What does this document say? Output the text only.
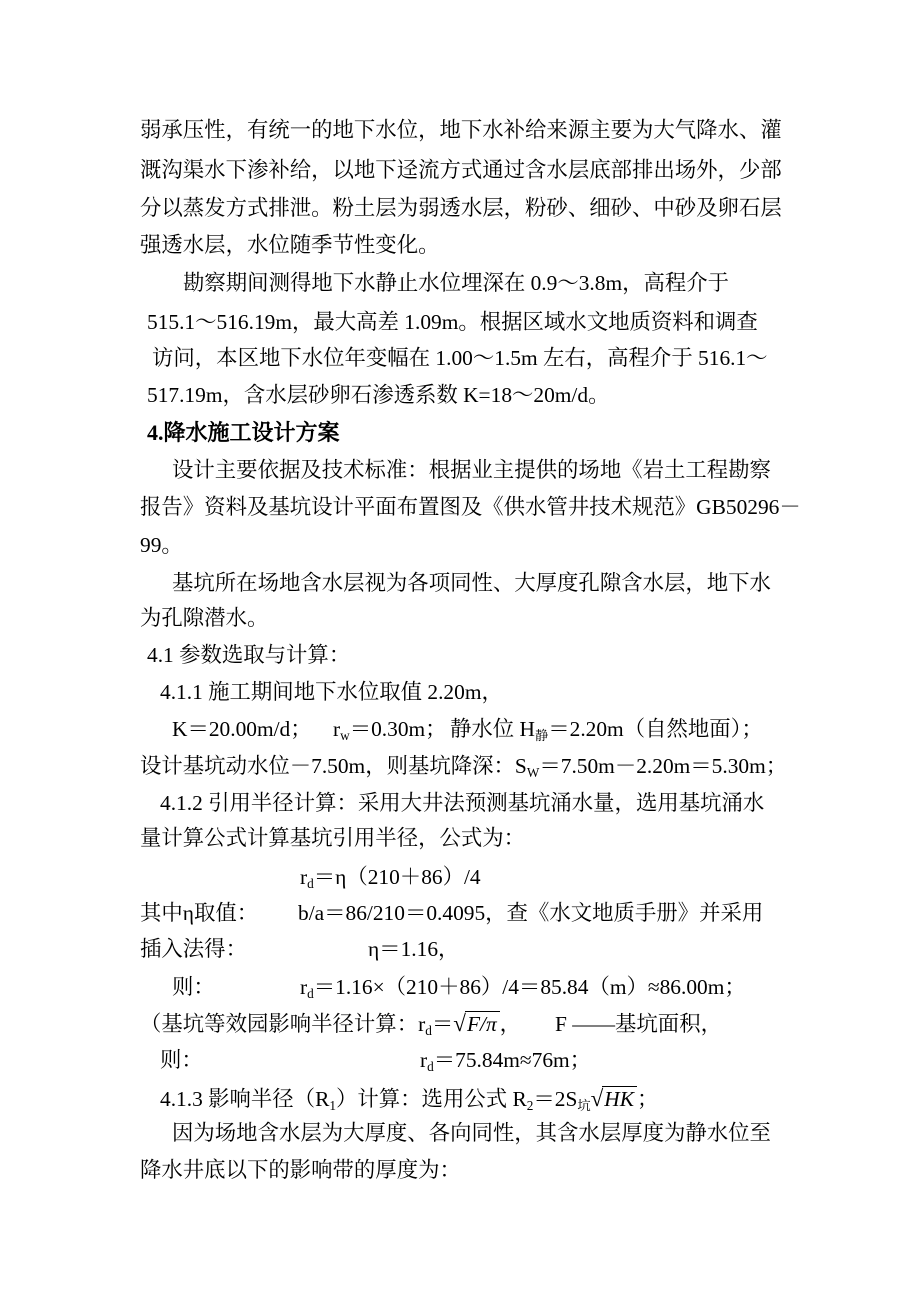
弱承压性，有统一的地下水位，地下水补给来源主要为大气降水、灌
溉沟渠水下渗补给，以地下迳流方式通过含水层底部排出场外，少部
分以蒸发方式排泄。粉土层为弱透水层，粉砂、细砂、中砂及卵石层
强透水层，水位随季节性变化。
勘察期间测得地下水静止水位埋深在 0.9～3.8m，高程介于
515.1～516.19m，最大高差 1.09m。根据区域水文地质资料和调查
访问，本区地下水位年变幅在 1.00～1.5m 左右，高程介于 516.1～
517.19m，含水层砂卵石渗透系数 K=18～20m/d。
4.降水施工设计方案
设计主要依据及技术标准：根据业主提供的场地《岩土工程勘察
报告》资料及基坑设计平面布置图及《供水管井技术规范》GB50296－
99。
基坑所在场地含水层视为各项同性、大厚度孔隙含水层，地下水
为孔隙潜水。
4.1 参数选取与计算：
4.1.1 施工期间地下水位取值 2.20m，
K＝20.00m/d； $r_w=0.30m$； 静水位 $H_静=2.20m$（自然地面）；
设计基坑动水位－7.50m，则基坑降深：$S_W=7.50m-2.20m=5.30m$；
4.1.2 引用半径计算：采用大井法预测基坑涌水量，选用基坑涌水
量计算公式计算基坑引用半径，公式为：
$r_d=\eta(210+86)/4$
其中η取值： b/a＝86/210＝0.4095，查《水文地质手册》并采用
插入法得：	η＝1.16，
则：	$r_d=1.16\times(210+86)/4=85.84(m)\approx 86.00m$；
（基坑等效园影响半径计算：$r_d=√F/\pi$ ， F ——基坑面积，
则：	$r_d=75.84m\approx 76m$；
4.1.3 影响半径$(R_1)$计算：选用公式 $R_2=2S_坑√HK$ ；
因为场地含水层为大厚度、各向同性，其含水层厚度为静水位至
降水井底以下的影响带的厚度为：
